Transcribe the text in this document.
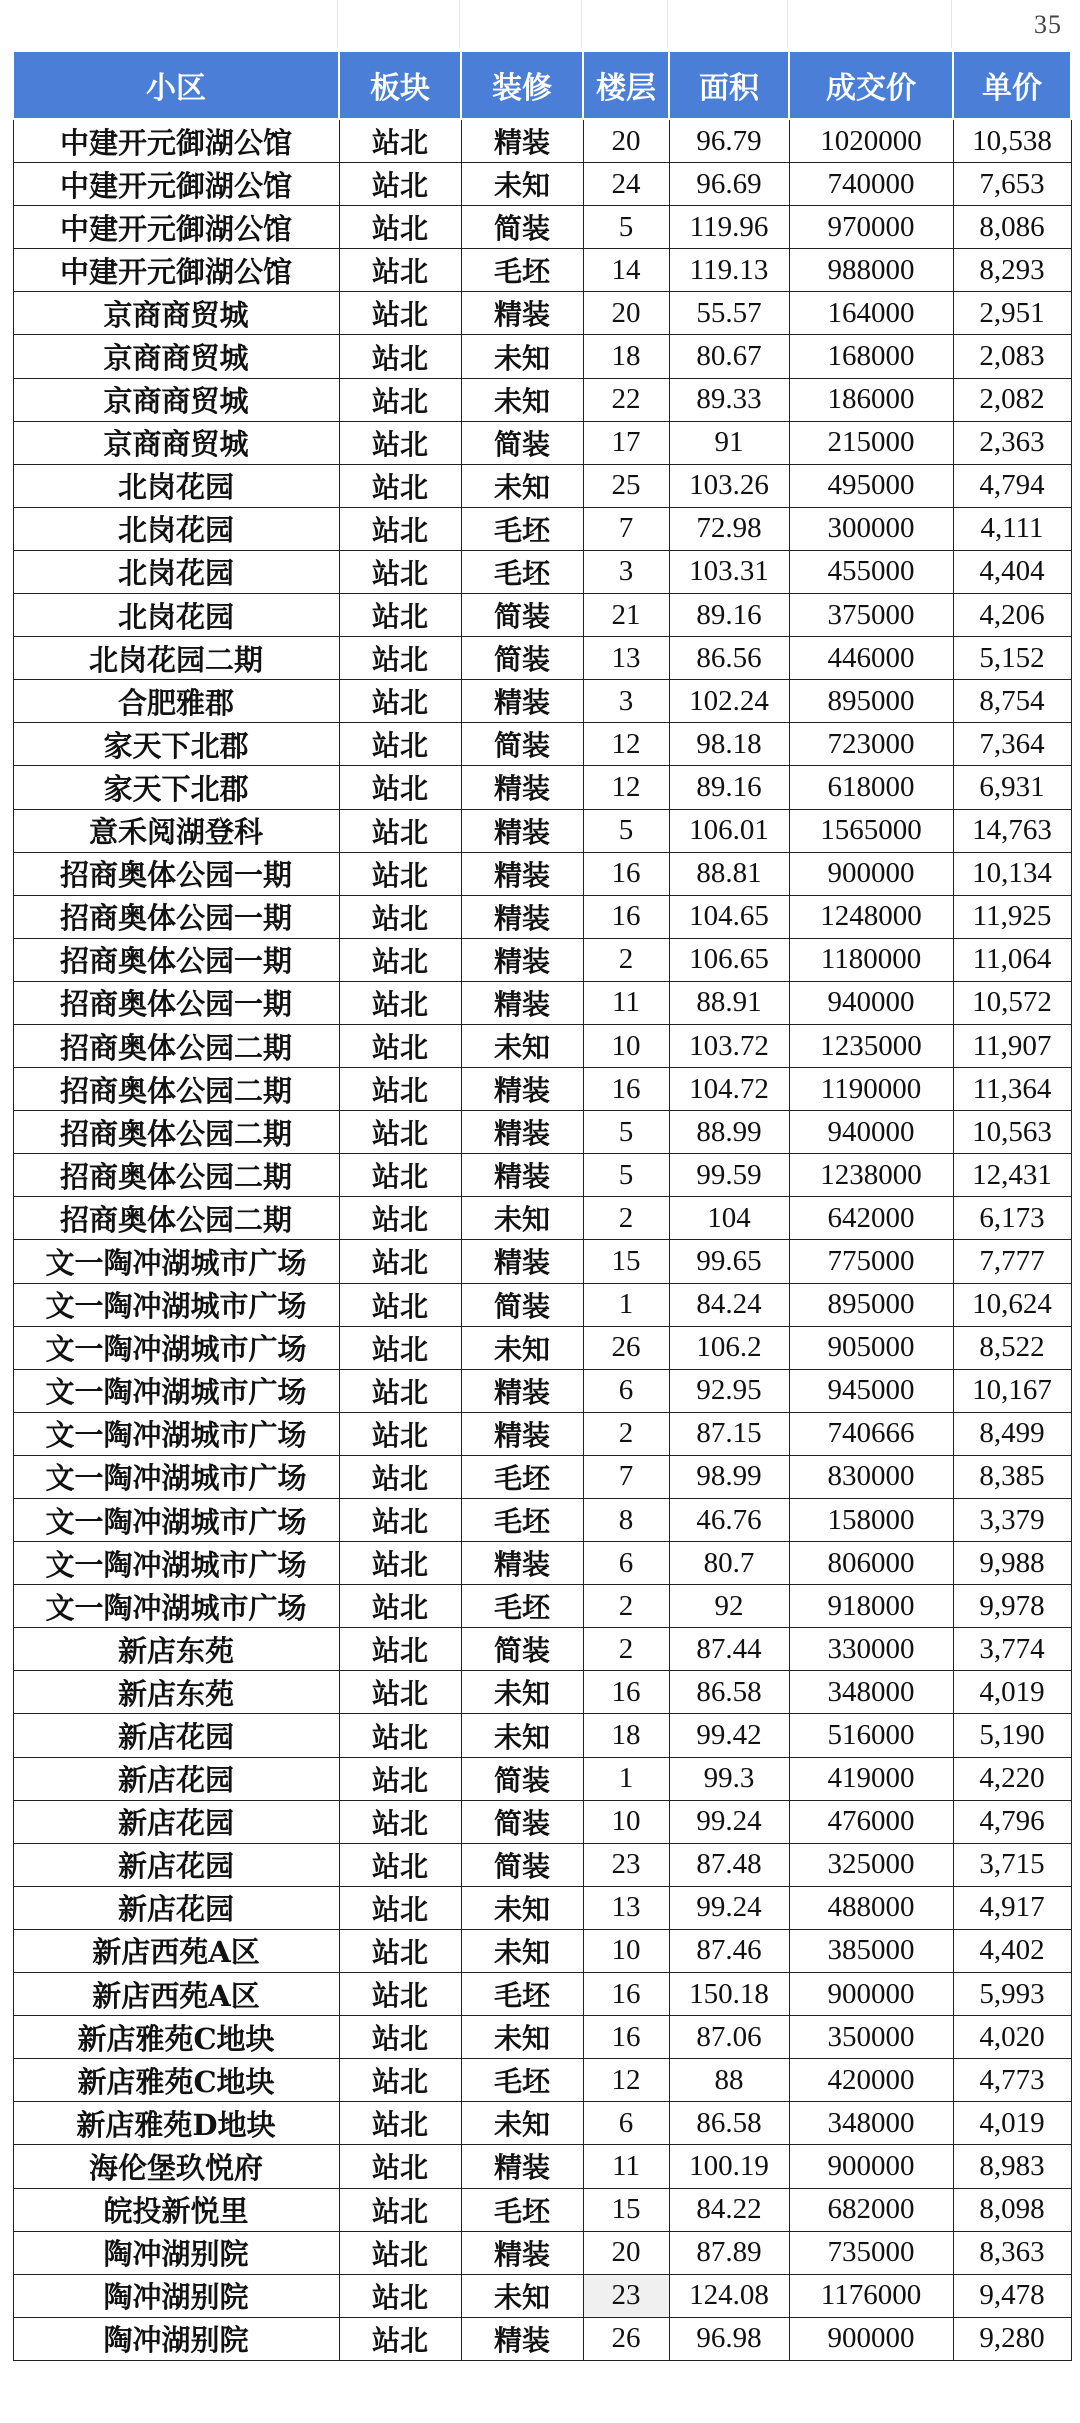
35
小区	板块	装修	楼层	面积	成交价	单价
中建开元御湖公馆	站北	精装	20	96.79	1020000	10,538
中建开元御湖公馆	站北	未知	24	96.69	740000	7,653
中建开元御湖公馆	站北	简装	5	119.96	970000	8,086
中建开元御湖公馆	站北	毛坯	14	119.13	988000	8,293
京商商贸城	站北	精装	20	55.57	164000	2,951
京商商贸城	站北	未知	18	80.67	168000	2,083
京商商贸城	站北	未知	22	89.33	186000	2,082
京商商贸城	站北	简装	17	91	215000	2,363
北岗花园	站北	未知	25	103.26	495000	4,794
北岗花园	站北	毛坯	7	72.98	300000	4,111
北岗花园	站北	毛坯	3	103.31	455000	4,404
北岗花园	站北	简装	21	89.16	375000	4,206
北岗花园二期	站北	简装	13	86.56	446000	5,152
合肥雅郡	站北	精装	3	102.24	895000	8,754
家天下北郡	站北	简装	12	98.18	723000	7,364
家天下北郡	站北	精装	12	89.16	618000	6,931
意禾阅湖登科	站北	精装	5	106.01	1565000	14,763
招商奥体公园一期	站北	精装	16	88.81	900000	10,134
招商奥体公园一期	站北	精装	16	104.65	1248000	11,925
招商奥体公园一期	站北	精装	2	106.65	1180000	11,064
招商奥体公园一期	站北	精装	11	88.91	940000	10,572
招商奥体公园二期	站北	未知	10	103.72	1235000	11,907
招商奥体公园二期	站北	精装	16	104.72	1190000	11,364
招商奥体公园二期	站北	精装	5	88.99	940000	10,563
招商奥体公园二期	站北	精装	5	99.59	1238000	12,431
招商奥体公园二期	站北	未知	2	104	642000	6,173
文一陶冲湖城市广场	站北	精装	15	99.65	775000	7,777
文一陶冲湖城市广场	站北	简装	1	84.24	895000	10,624
文一陶冲湖城市广场	站北	未知	26	106.2	905000	8,522
文一陶冲湖城市广场	站北	精装	6	92.95	945000	10,167
文一陶冲湖城市广场	站北	精装	2	87.15	740666	8,499
文一陶冲湖城市广场	站北	毛坯	7	98.99	830000	8,385
文一陶冲湖城市广场	站北	毛坯	8	46.76	158000	3,379
文一陶冲湖城市广场	站北	精装	6	80.7	806000	9,988
文一陶冲湖城市广场	站北	毛坯	2	92	918000	9,978
新店东苑	站北	简装	2	87.44	330000	3,774
新店东苑	站北	未知	16	86.58	348000	4,019
新店花园	站北	未知	18	99.42	516000	5,190
新店花园	站北	简装	1	99.3	419000	4,220
新店花园	站北	简装	10	99.24	476000	4,796
新店花园	站北	简装	23	87.48	325000	3,715
新店花园	站北	未知	13	99.24	488000	4,917
新店西苑A区	站北	未知	10	87.46	385000	4,402
新店西苑A区	站北	毛坯	16	150.18	900000	5,993
新店雅苑C地块	站北	未知	16	87.06	350000	4,020
新店雅苑C地块	站北	毛坯	12	88	420000	4,773
新店雅苑D地块	站北	未知	6	86.58	348000	4,019
海伦堡玖悦府	站北	精装	11	100.19	900000	8,983
皖投新悦里	站北	毛坯	15	84.22	682000	8,098
陶冲湖别院	站北	精装	20	87.89	735000	8,363
陶冲湖别院	站北	未知	23	124.08	1176000	9,478
陶冲湖别院	站北	精装	26	96.98	900000	9,280
